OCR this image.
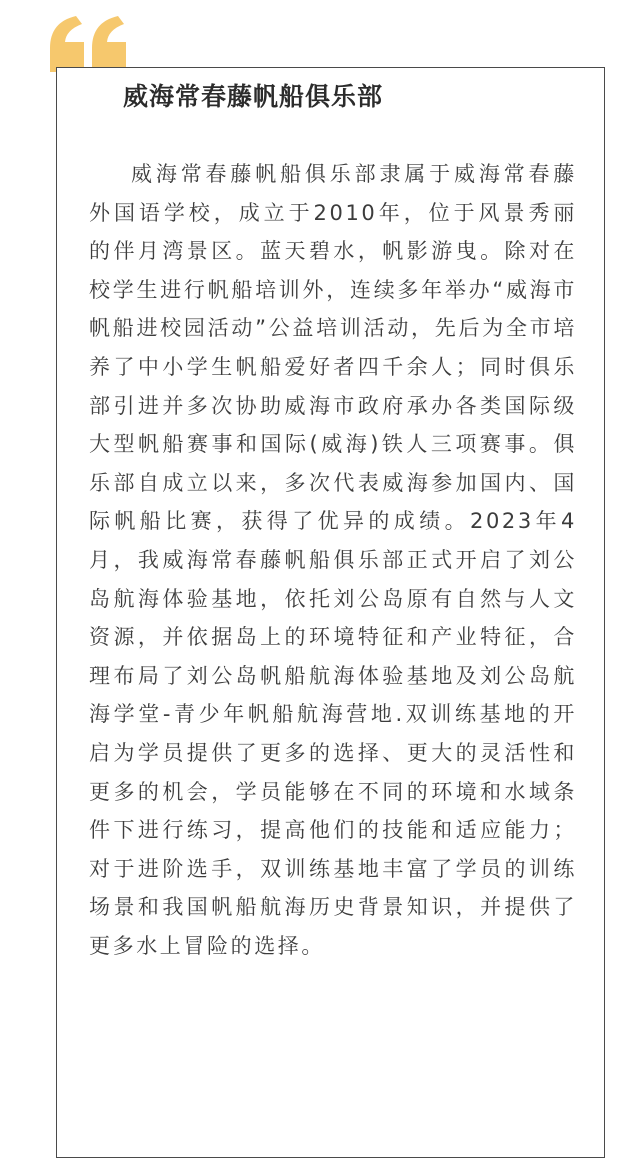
威海常春藤帆船俱乐部

威海常春藤帆船俱乐部隶属于威海常春藤外国语学校，成立于2010年，位于风景秀丽的伴月湾景区。蓝天碧水，帆影游曳。除对在校学生进行帆船培训外，连续多年举办“威海市帆船进校园活动”公益培训活动，先后为全市培养了中小学生帆船爱好者四千余人；同时俱乐部引进并多次协助威海市政府承办各类国际级大型帆船赛事和国际(威海)铁人三项赛事。俱乐部自成立以来，多次代表威海参加国内、国际帆船比赛，获得了优异的成绩。2023年4月，我威海常春藤帆船俱乐部正式开启了刘公岛航海体验基地，依托刘公岛原有自然与人文资源，并依据岛上的环境特征和产业特征，合理布局了刘公岛帆船航海体验基地及刘公岛航海学堂-青少年帆船航海营地.双训练基地的开启为学员提供了更多的选择、更大的灵活性和更多的机会，学员能够在不同的环境和水域条件下进行练习，提高他们的技能和适应能力；对于进阶选手，双训练基地丰富了学员的训练场景和我国帆船航海历史背景知识，并提供了更多水上冒险的选择。
